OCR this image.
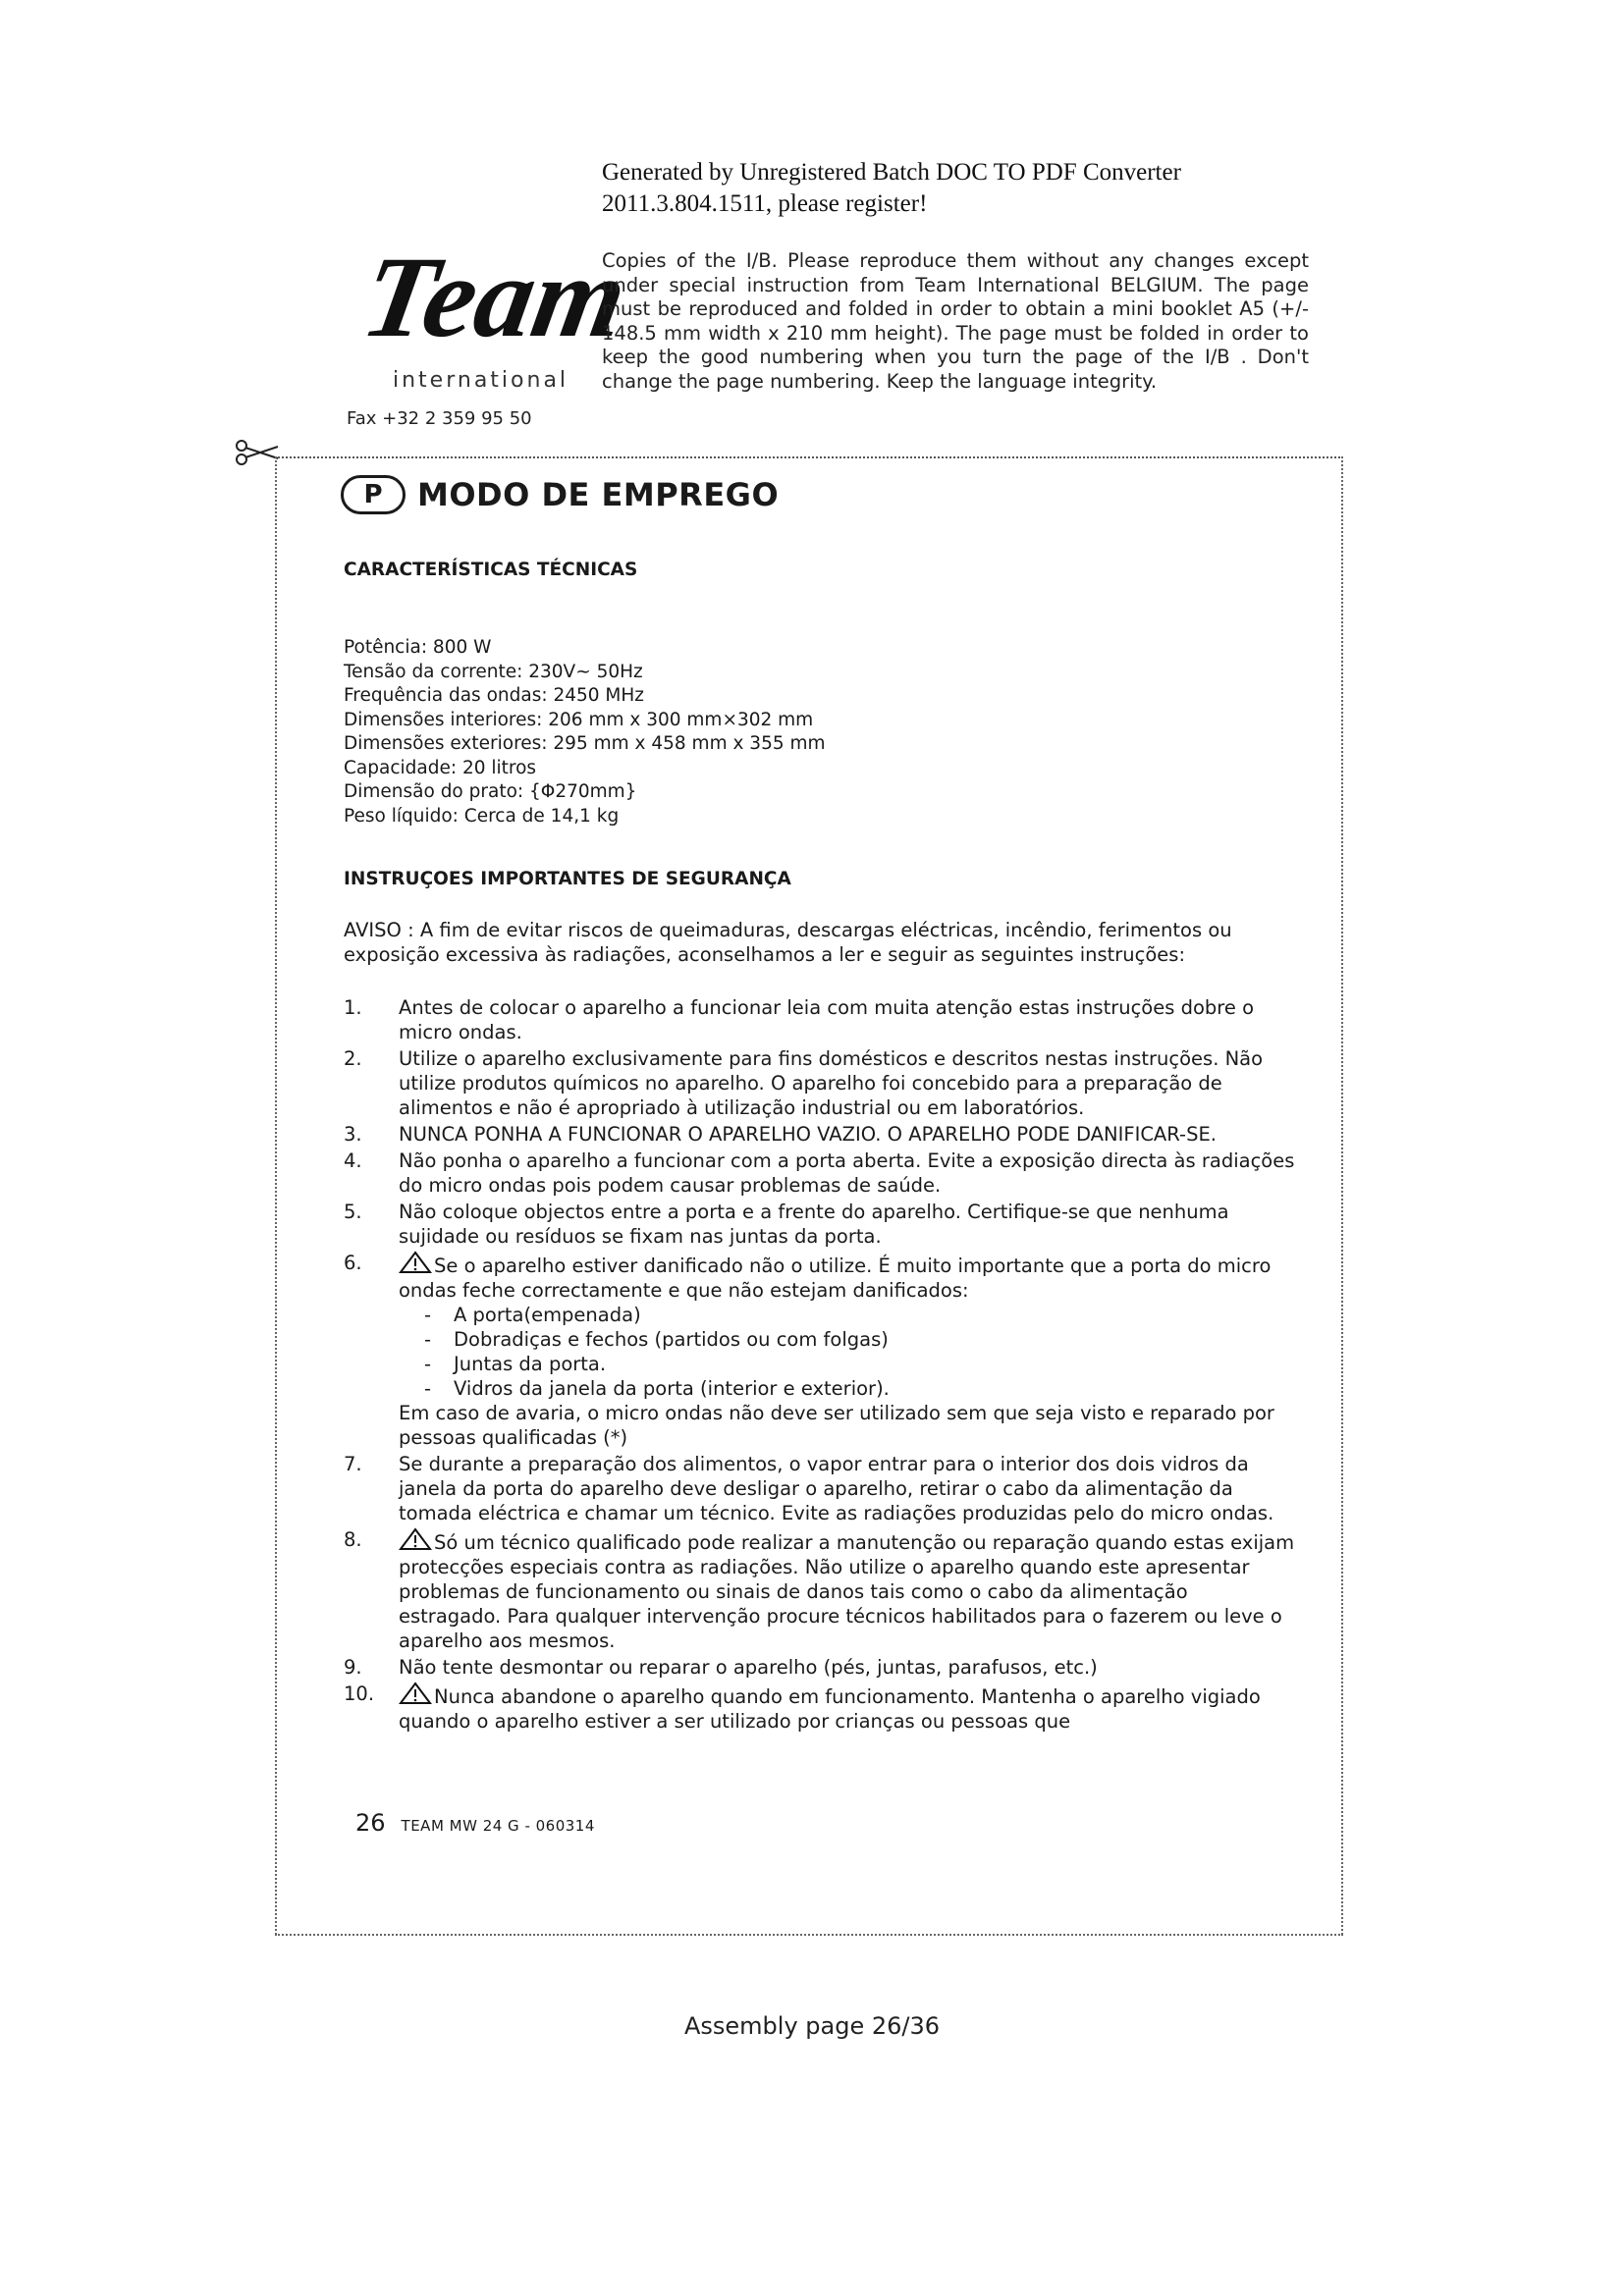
Generated by Unregistered Batch DOC TO PDF Converter
2011.3.804.1511, please register!
Team
international
Fax +32 2 359 95 50
Copies of the I/B. Please reproduce them without any changes except under special instruction from Team International BELGIUM. The page must be reproduced and folded in order to obtain a mini booklet A5 (+/- 148.5 mm width x 210 mm height). The page must be folded in order to keep the good numbering when you turn the page of the I/B . Don't change the page numbering. Keep the language integrity.
P	MODO DE EMPREGO
CARACTERÍSTICAS TÉCNICAS
Potência: 800 W
Tensão da corrente: 230V~ 50Hz
Frequência das ondas: 2450 MHz
Dimensões interiores: 206 mm x 300 mm×302 mm
Dimensões exteriores: 295 mm x 458 mm x 355 mm
Capacidade: 20 litros
Dimensão do prato: {Φ270mm}
Peso líquido: Cerca de 14,1 kg
INSTRUÇOES IMPORTANTES DE SEGURANÇA
AVISO : A fim de evitar riscos de queimaduras, descargas eléctricas, incêndio, ferimentos ou exposição excessiva às radiações, aconselhamos a ler e seguir as seguintes instruções:
1.	Antes de colocar o aparelho a funcionar leia com muita atenção estas instruções dobre o micro ondas.
2.	Utilize o aparelho exclusivamente para fins domésticos e descritos nestas instruções. Não utilize produtos químicos no aparelho. O aparelho foi concebido para a preparação de alimentos e não é apropriado à utilização industrial ou em laboratórios.
3.	NUNCA PONHA A FUNCIONAR O APARELHO VAZIO. O APARELHO PODE DANIFICAR-SE.
4.	Não ponha o aparelho a funcionar com a porta aberta. Evite a exposição directa às radiações do micro ondas pois podem causar problemas de saúde.
5.	Não coloque objectos entre a porta e a frente do aparelho. Certifique-se que nenhuma sujidade ou resíduos se fixam nas juntas da porta.
6.	Se o aparelho estiver danificado não o utilize. É muito importante que a porta do micro ondas feche correctamente e que não estejam danificados:
-	A porta(empenada)
-	Dobradiças e fechos (partidos ou com folgas)
-	Juntas da porta.
-	Vidros da janela da porta (interior e exterior).
Em caso de avaria, o micro ondas não deve ser utilizado sem que seja visto e reparado por pessoas qualificadas (*)
7.	Se durante a preparação dos alimentos, o vapor entrar para o interior dos dois vidros da janela da porta do aparelho deve desligar o aparelho, retirar o cabo da alimentação da tomada eléctrica e chamar um técnico. Evite as radiações produzidas pelo do micro ondas.
8.	Só um técnico qualificado pode realizar a manutenção ou reparação quando estas exijam protecções especiais contra as radiações. Não utilize o aparelho quando este apresentar problemas de funcionamento ou sinais de danos tais como o cabo da alimentação estragado. Para qualquer intervenção procure técnicos habilitados para o fazerem ou leve o aparelho aos mesmos.
9.	Não tente desmontar ou reparar o aparelho (pés, juntas, parafusos, etc.)
10.	Nunca abandone o aparelho quando em funcionamento. Mantenha o aparelho vigiado quando o aparelho estiver a ser utilizado por crianças ou pessoas que
26 TEAM MW 24 G - 060314
Assembly page 26/36
